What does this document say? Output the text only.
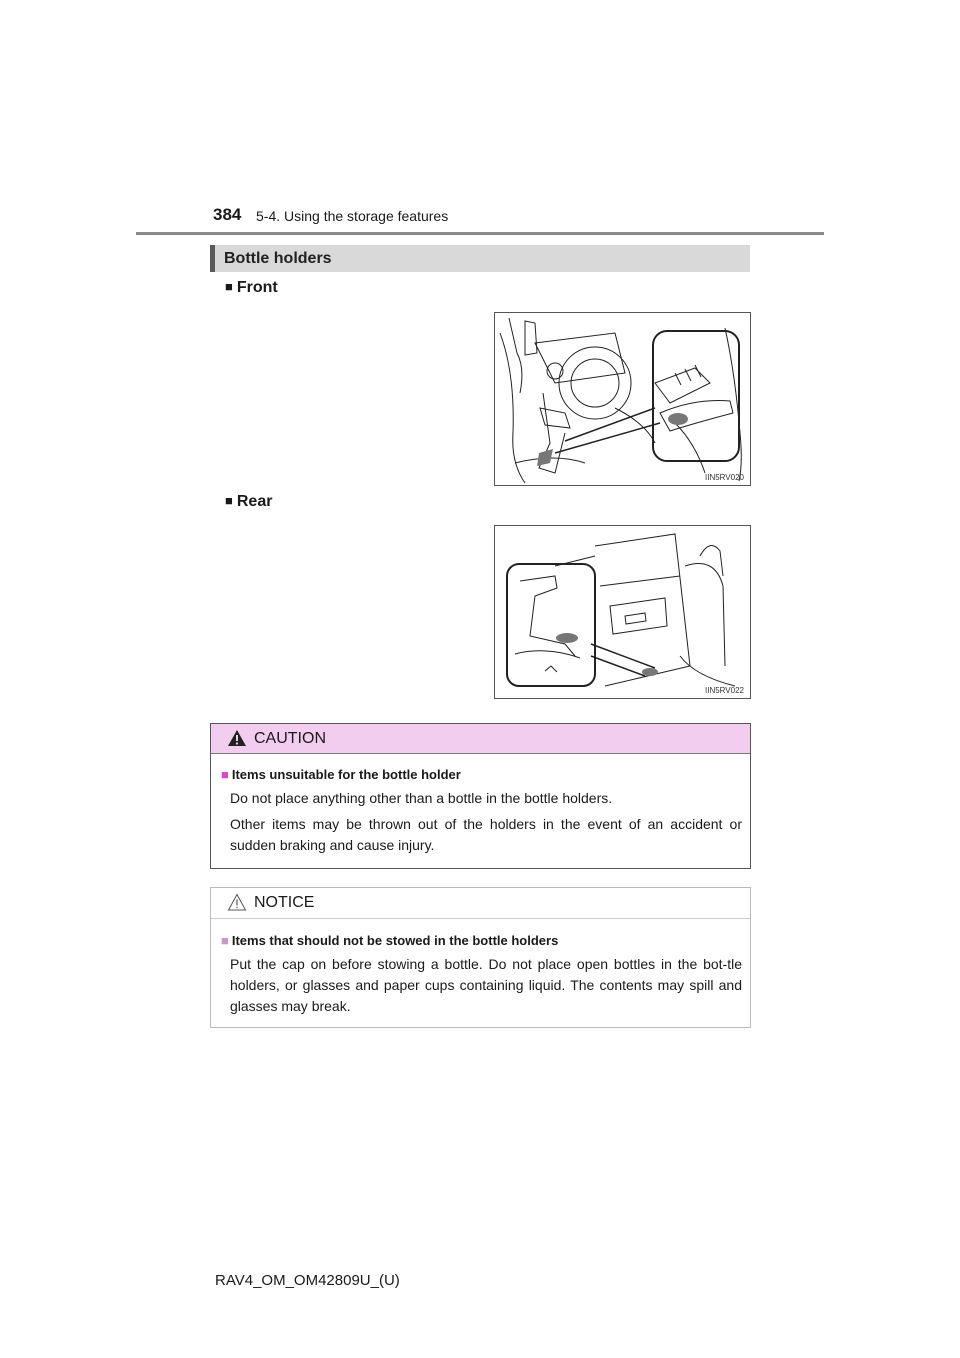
384 5-4. Using the storage features
Bottle holders
■ Front
IIN5RV020
■ Rear
IIN5RV022
CAUTION
■ Items unsuitable for the bottle holder
Do not place anything other than a bottle in the bottle holders.
Other items may be thrown out of the holders in the event of an accident or sudden braking and cause injury.
NOTICE
■ Items that should not be stowed in the bottle holders
Put the cap on before stowing a bottle. Do not place open bottles in the bot-tle holders, or glasses and paper cups containing liquid. The contents may spill and glasses may break.
RAV4_OM_OM42809U_(U)
